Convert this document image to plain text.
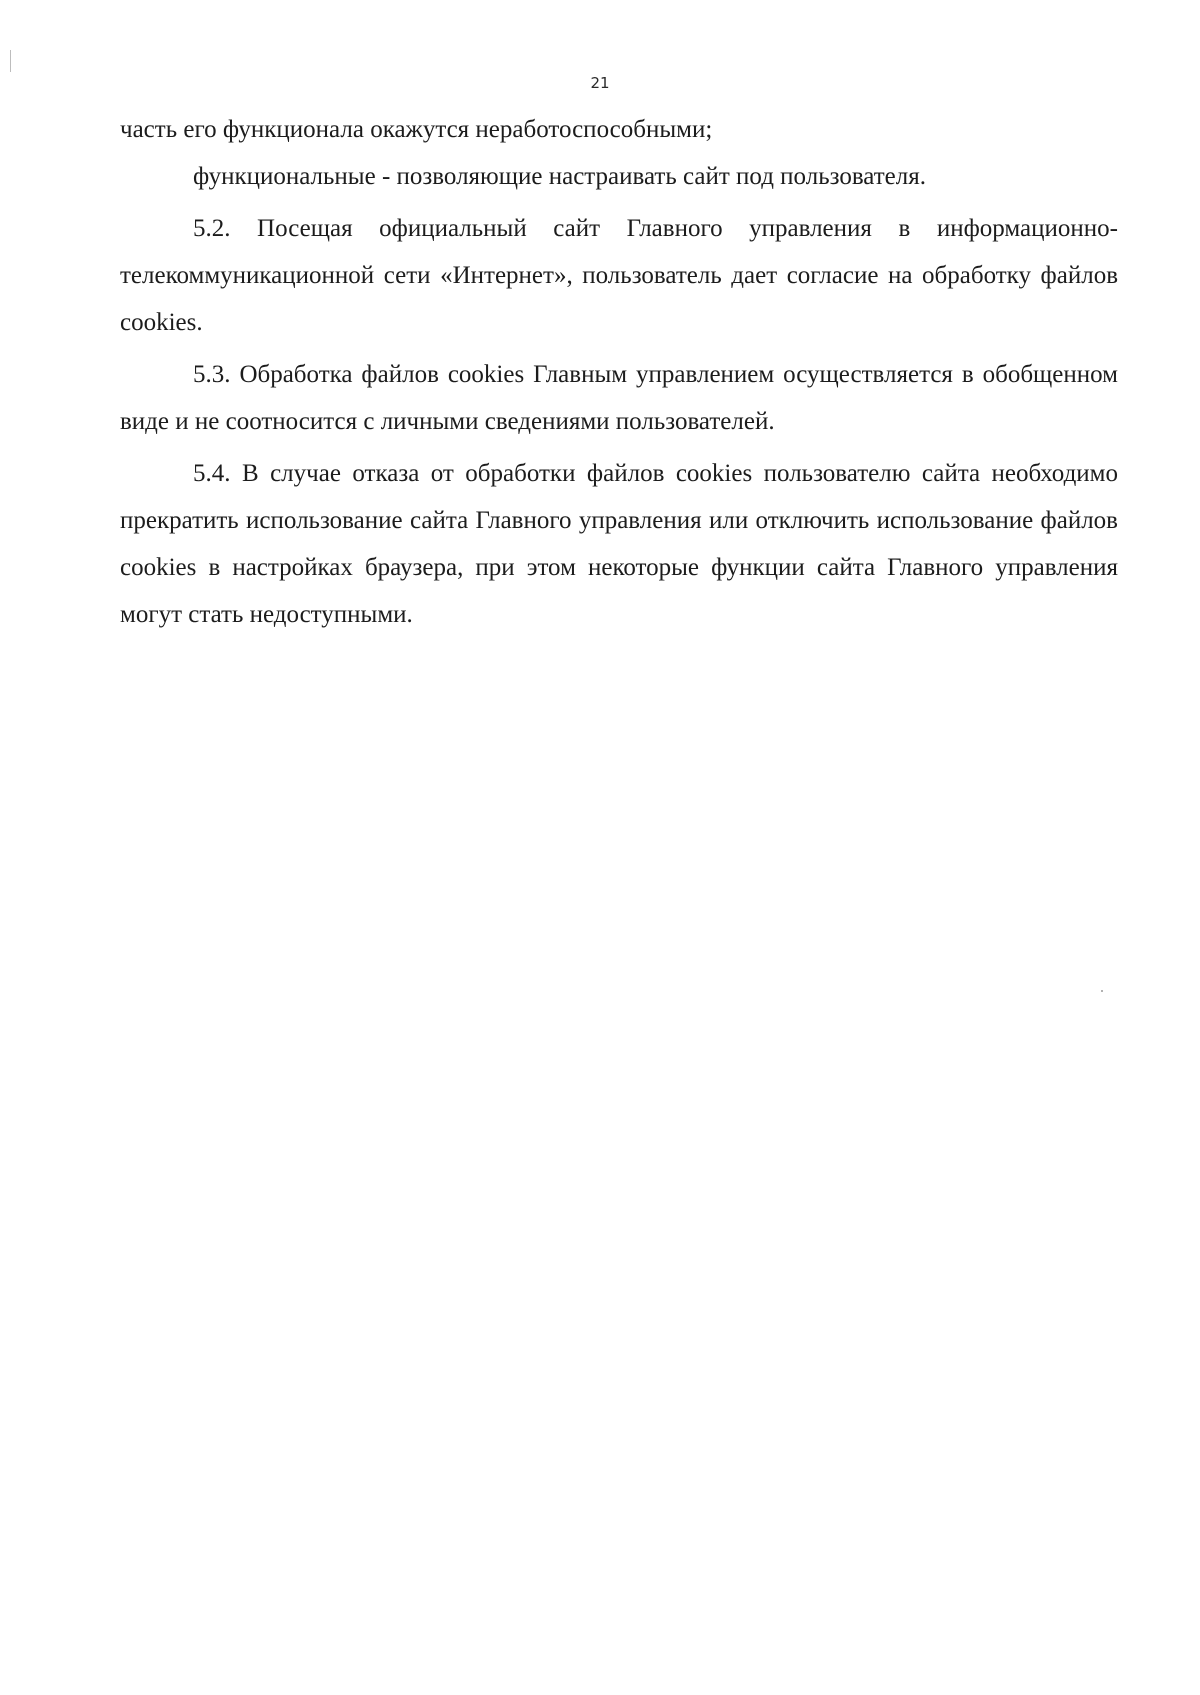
21

часть его функционала окажутся неработоспособными;

функциональные - позволяющие настраивать сайт под пользователя.

5.2. Посещая официальный сайт Главного управления в информационно-телекоммуникационной сети «Интернет», пользователь дает согласие на обработку файлов cookies.

5.3. Обработка файлов cookies Главным управлением осуществляется в обобщенном виде и не соотносится с личными сведениями пользователей.

5.4. В случае отказа от обработки файлов cookies пользователю сайта необходимо прекратить использование сайта Главного управления или отключить использование файлов cookies в настройках браузера, при этом некоторые функции сайта Главного управления могут стать недоступными.
